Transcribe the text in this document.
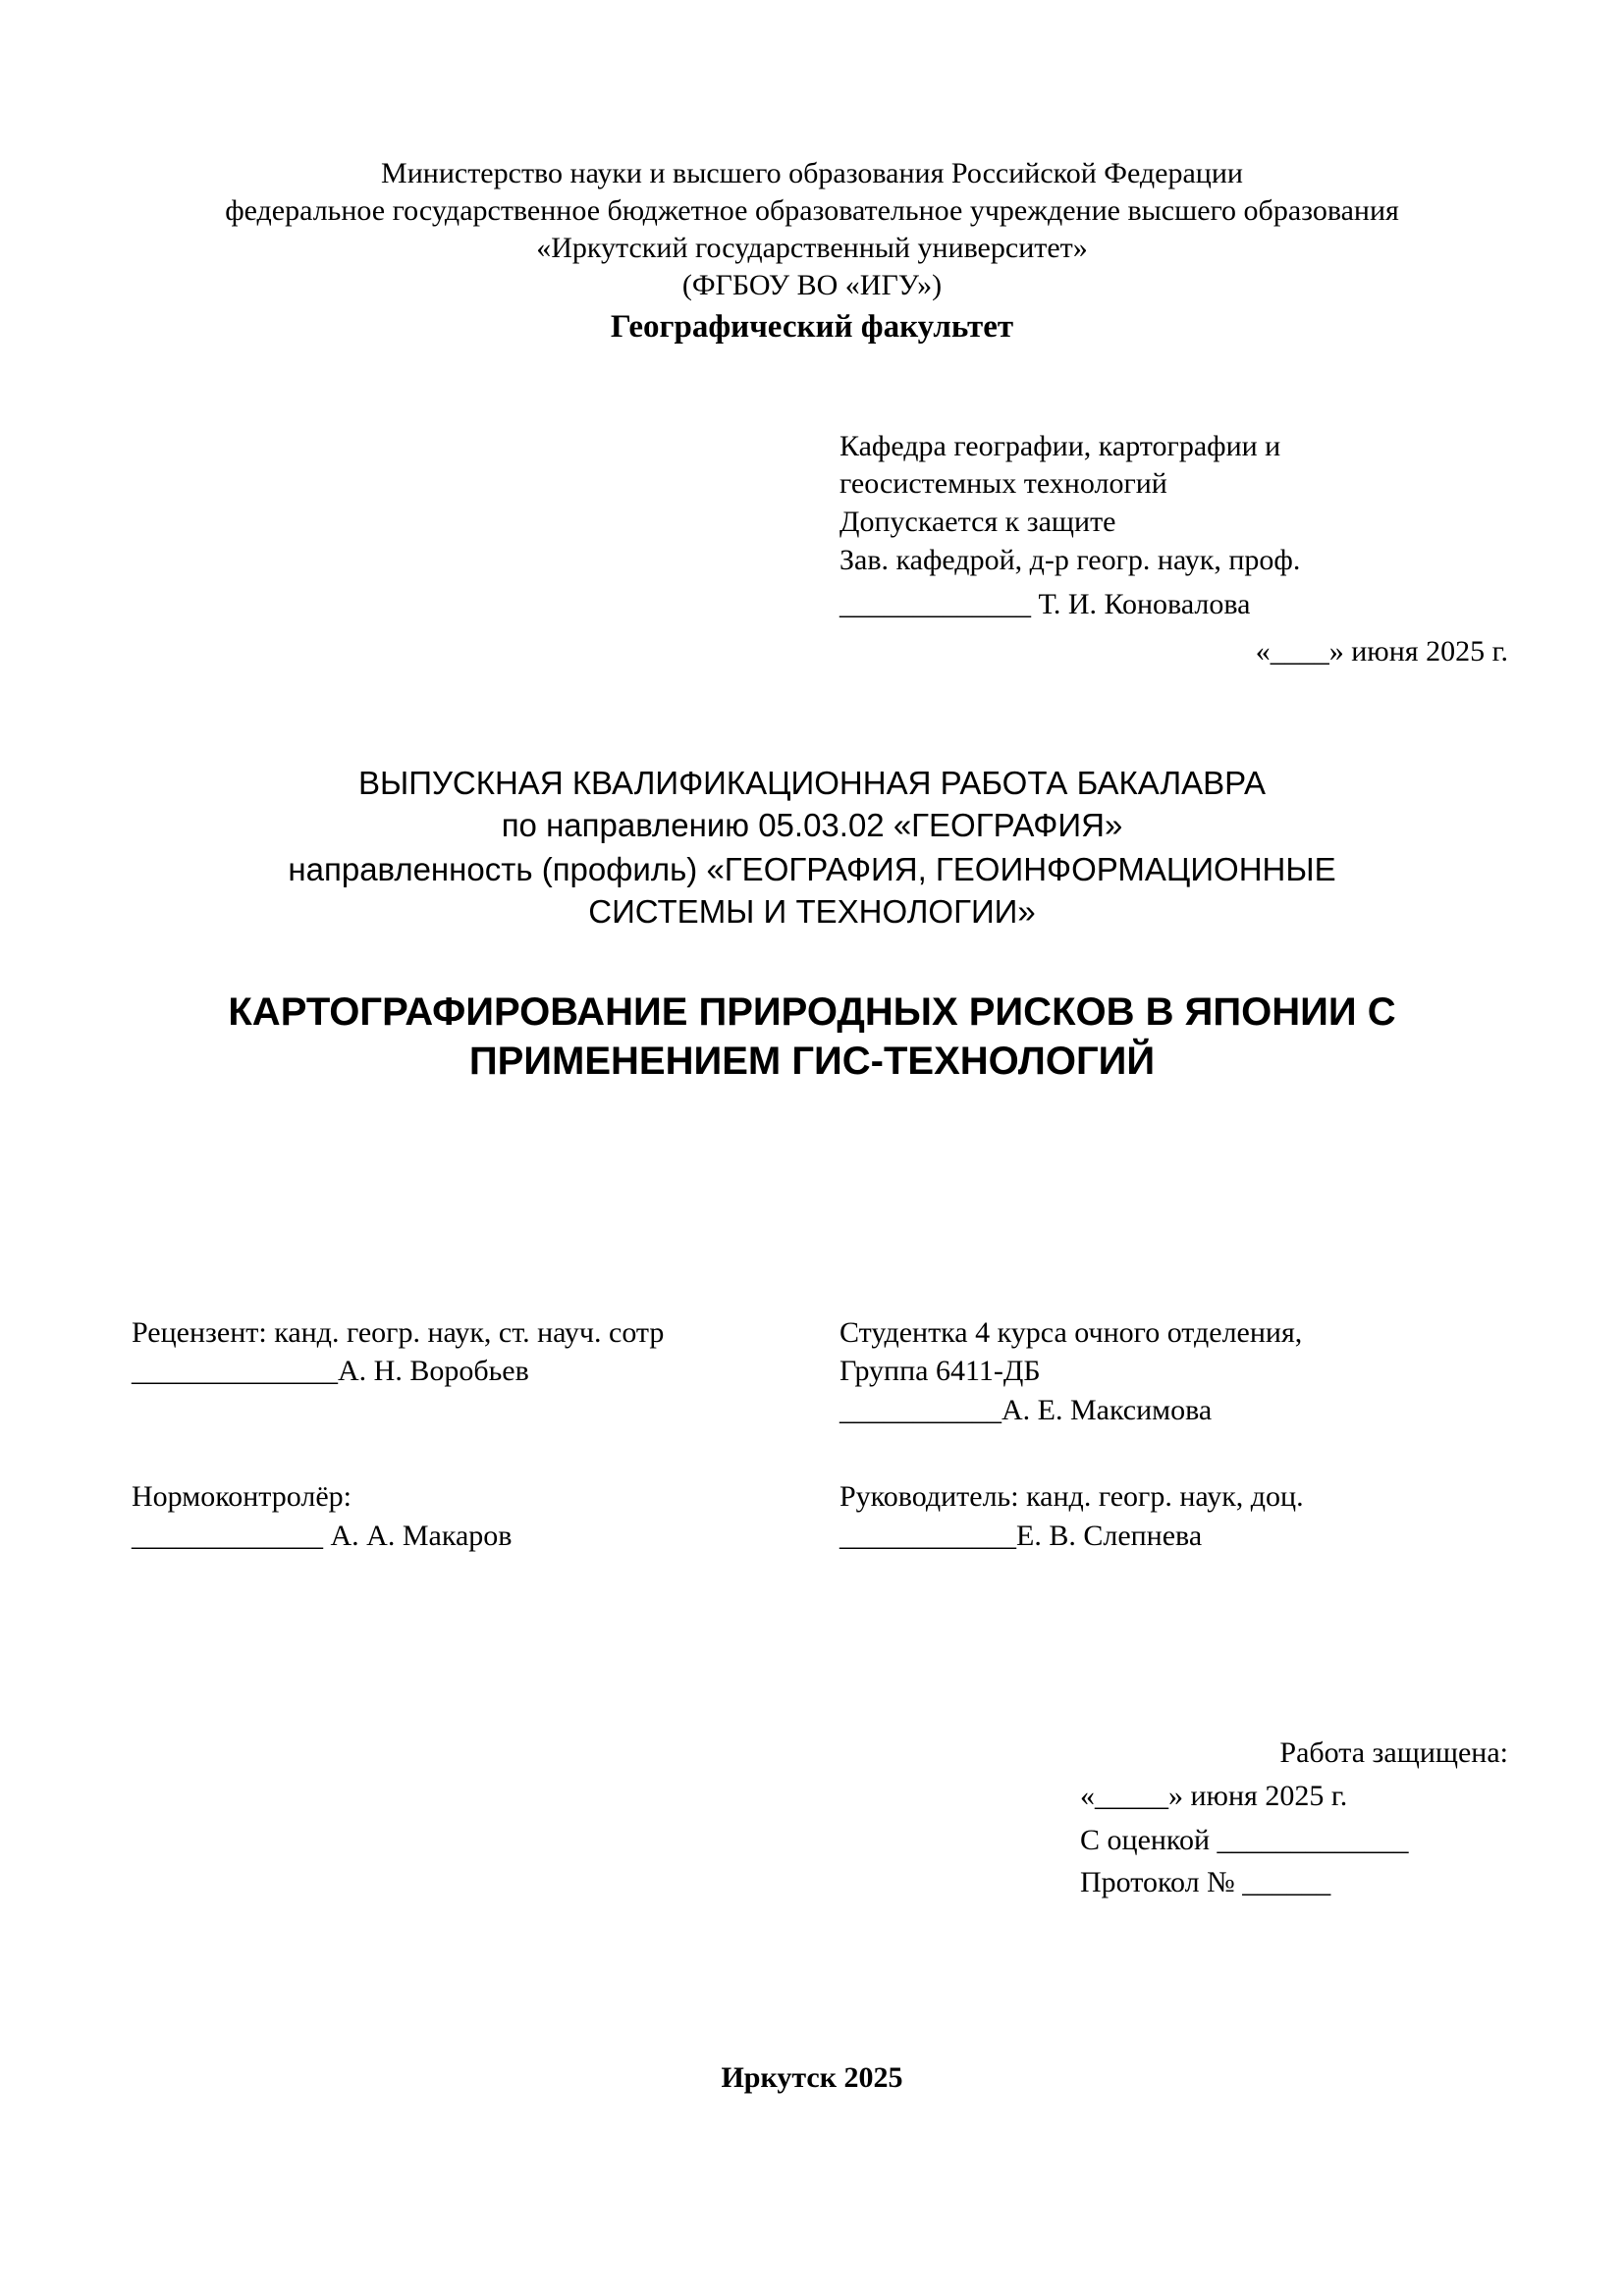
Министерство науки и высшего образования Российской Федерации
федеральное государственное бюджетное образовательное учреждение высшего образования
«Иркутский государственный университет»
(ФГБОУ ВО «ИГУ»)
Географический факультет
Кафедра географии, картографии и
геосистемных технологий
Допускается к защите
Зав. кафедрой, д-р геогр. наук, проф.
_____________ Т. И. Коновалова
«____» июня 2025 г.
ВЫПУСКНАЯ КВАЛИФИКАЦИОННАЯ РАБОТА БАКАЛАВРА
по направлению 05.03.02 «ГЕОГРАФИЯ»
направленность (профиль) «ГЕОГРАФИЯ, ГЕОИНФОРМАЦИОННЫЕ
СИСТЕМЫ И ТЕХНОЛОГИИ»
КАРТОГРАФИРОВАНИЕ ПРИРОДНЫХ РИСКОВ В ЯПОНИИ С
ПРИМЕНЕНИЕМ ГИС-ТЕХНОЛОГИЙ
Рецензент: канд. геогр. наук, ст. науч. сотр
______________А. Н. Воробьев
Студентка 4 курса очного отделения,
Группа 6411-ДБ
___________А. Е. Максимова
Нормоконтролёр:
_____________ А. А. Макаров
Руководитель: канд. геогр. наук, доц.
____________Е. В. Слепнева
Работа защищена:
«_____» июня 2025 г.
С оценкой _____________
Протокол № ______
Иркутск 2025
